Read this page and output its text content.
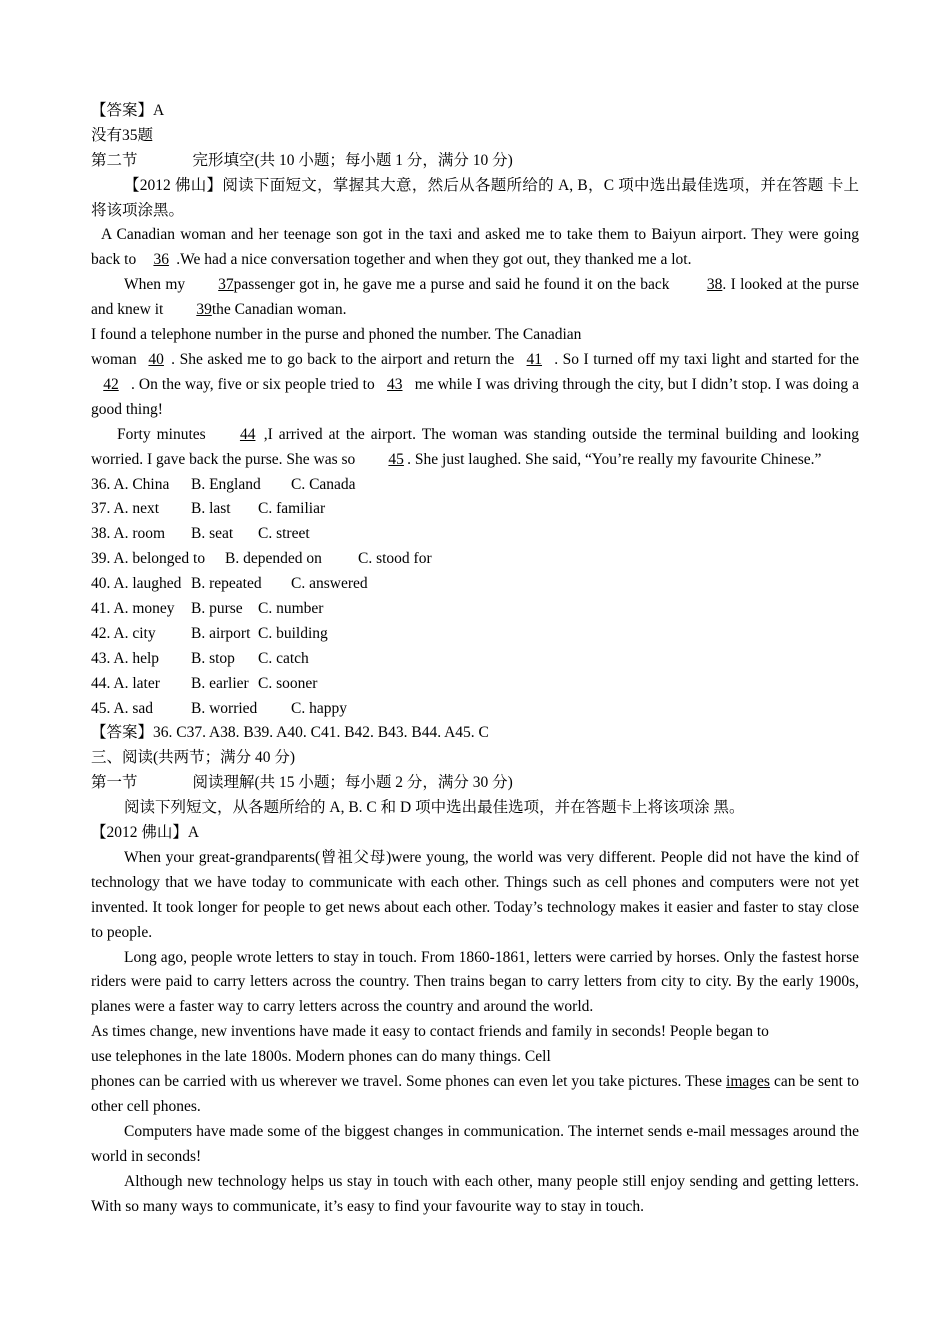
【答案】A
没有35题
第二节	完形填空(共 10 小题；每小题 1 分，满分 10 分)
【2012 佛山】阅读下面短文，掌握其大意，然后从各题所给的 A, B，C 项中选出最佳选项，并在答题 卡上将该项涂黑。
A Canadian woman and her teenage son got in the taxi and asked me to take them to Baiyun airport. They were going back to 36 .We had a nice conversation together and when they got out, they thanked me a lot.
When my 37passenger got in, he gave me a purse and said he found it on the back 38. I looked at the purse and knew it 39the Canadian woman.
I found a telephone number in the purse and phoned the number. The Canadian
woman 40 . She asked me to go back to the airport and return the 41 . So I turned off my taxi light and started for the42 . On the way, five or six people tried to 43 me while I was driving through the city, but I didn’t stop. I was doing a good thing!
Forty minutes 44 ,I arrived at the airport. The woman was standing outside the terminal building and looking worried. I gave back the purse. She was so 45 . She just laughed. She said, “You’re really my favourite Chinese.”
36. A. China	B. England	C. Canada
37. A. next	B. last	C. familiar
38. A. room	B. seat	C. street
39. A. belonged to	B. depended on	C. stood for
40. A. laughed B. repeated	C. answered
41. A. money	B. purse C. number
42. A. city	B. airport C. building
43. A. help	B. stop	C. catch
44. A. later	B. earlier C. sooner
45. A. sad	B. worried	C. happy
【答案】36. C37. A38. B39. A40. C41. B42. B43. B44. A45. C
三、阅读(共两节；满分 40 分)
第一节	阅读理解(共 15 小题；每小题 2 分，满分 30 分)
阅读下列短文，从各题所给的 A, B. C 和 D 项中选出最佳选项，并在答题卡上将该项涂 黑。
【2012 佛山】A
When your great-grandparents(曾祖父母)were young, the world was very different. People did not have the kind of technology that we have today to communicate with each other. Things such as cell phones and computers were not yet invented. It took longer for people to get news about each other. Today’s technology makes it easier and faster to stay close to people.
Long ago, people wrote letters to stay in touch. From 1860-1861, letters were carried by horses. Only the fastest horse riders were paid to carry letters across the country. Then trains began to carry letters from city to city. By the early 1900s, planes were a faster way to carry letters across the country and around the world.
As times change, new inventions have made it easy to contact friends and family in seconds! People began to
use telephones in the late 1800s. Modern phones can do many things. Cell
phones can be carried with us wherever we travel. Some phones can even let you take pictures. These images can be sent to other cell phones.
Computers have made some of the biggest changes in communication. The internet sends e-mail messages around the world in seconds!
Although new technology helps us stay in touch with each other, many people still enjoy sending and getting letters. With so many ways to communicate, it’s easy to find your favourite way to stay in touch.
